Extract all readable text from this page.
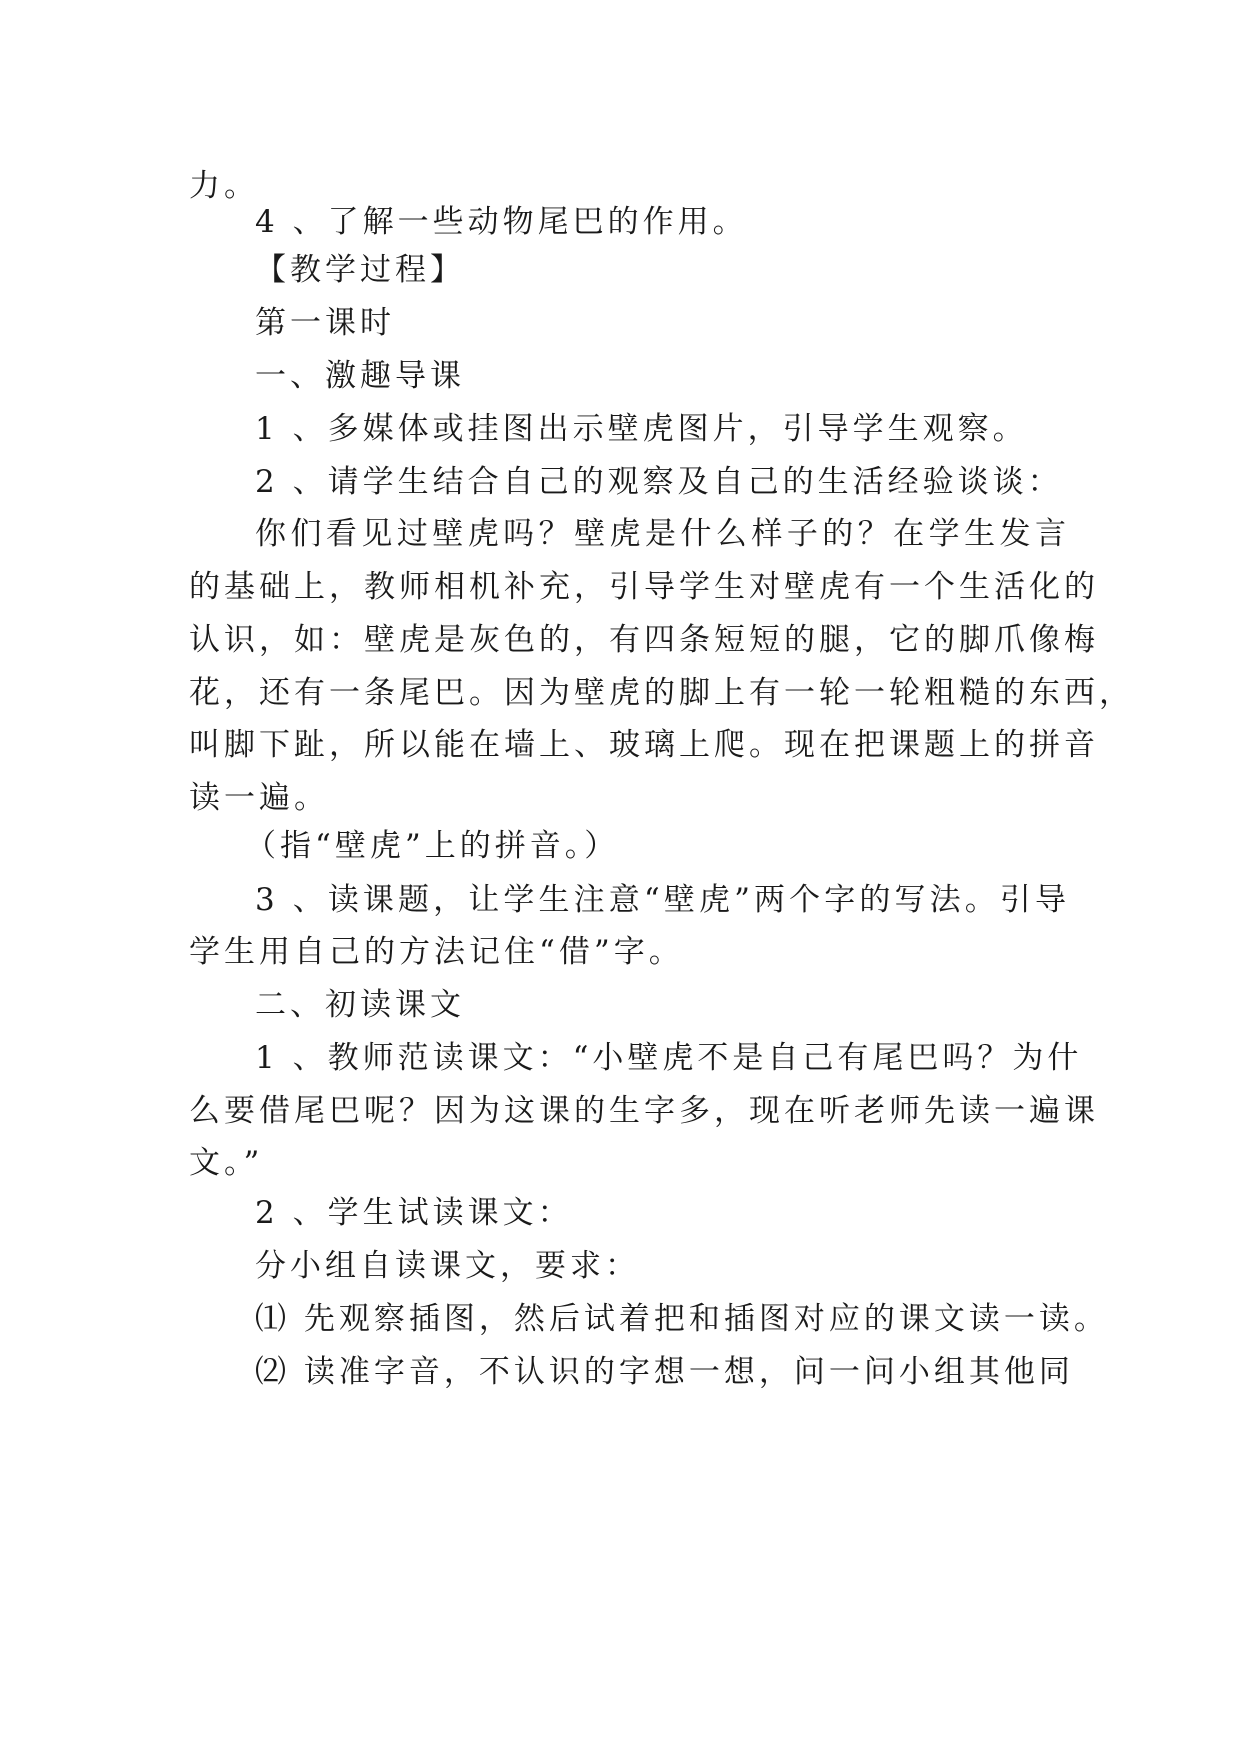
力。
4 、了解一些动物尾巴的作用。
【教学过程】
第一课时
一、激趣导课
1 、多媒体或挂图出示壁虎图片，引导学生观察。
2 、请学生结合自己的观察及自己的生活经验谈谈：
你们看见过壁虎吗？壁虎是什么样子的？在学生发言
的基础上，教师相机补充，引导学生对壁虎有一个生活化的
认识，如：壁虎是灰色的，有四条短短的腿，它的脚爪像梅
花，还有一条尾巴。因为壁虎的脚上有一轮一轮粗糙的东西，
叫脚下趾，所以能在墙上、玻璃上爬。现在把课题上的拼音
读一遍。
（指“壁虎”上的拼音。）
3 、读课题，让学生注意“壁虎”两个字的写法。引导
学生用自己的方法记住“借”字。
二、初读课文
1 、教师范读课文：“小壁虎不是自己有尾巴吗？为什
么要借尾巴呢？因为这课的生字多，现在听老师先读一遍课
文。”
2 、学生试读课文：
分小组自读课文，要求：
⑴ 先观察插图，然后试着把和插图对应的课文读一读。
⑵ 读准字音，不认识的字想一想，问一问小组其他同
